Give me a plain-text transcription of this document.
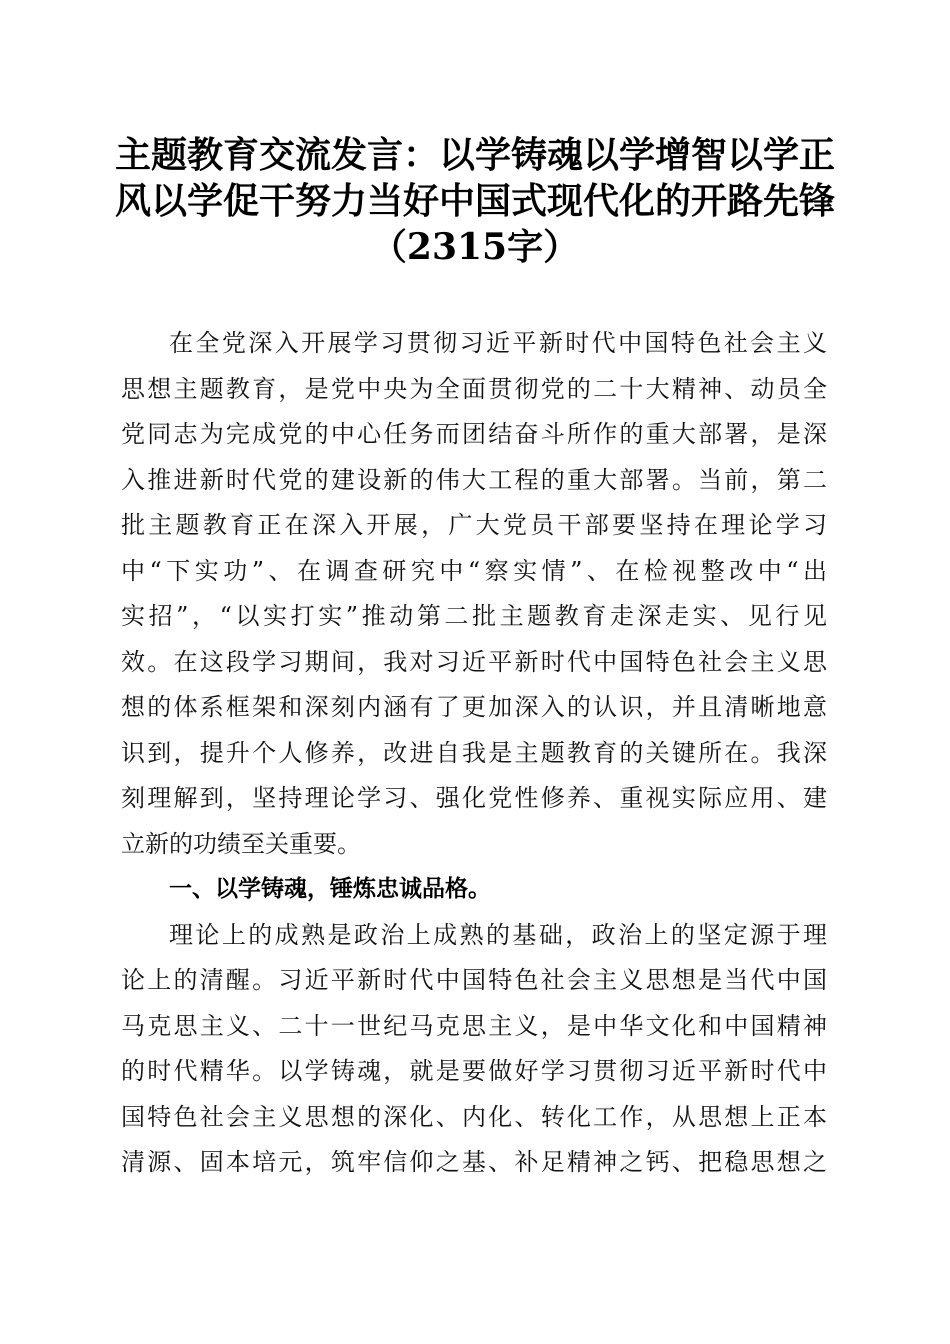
主题教育交流发言：以学铸魂以学增智以学正
风以学促干努力当好中国式现代化的开路先锋
（2315字）
在全党深入开展学习贯彻习近平新时代中国特色社会主义
思想主题教育，是党中央为全面贯彻党的二十大精神、动员全
党同志为完成党的中心任务而团结奋斗所作的重大部署，是深
入推进新时代党的建设新的伟大工程的重大部署。当前，第二
批主题教育正在深入开展，广大党员干部要坚持在理论学习
中“下实功”、在调查研究中“察实情”、在检视整改中“出
实招”，“以实打实”推动第二批主题教育走深走实、见行见
效。在这段学习期间，我对习近平新时代中国特色社会主义思
想的体系框架和深刻内涵有了更加深入的认识，并且清晰地意
识到，提升个人修养，改进自我是主题教育的关键所在。我深
刻理解到，坚持理论学习、强化党性修养、重视实际应用、建
立新的功绩至关重要。
一、以学铸魂，锤炼忠诚品格。
理论上的成熟是政治上成熟的基础，政治上的坚定源于理
论上的清醒。习近平新时代中国特色社会主义思想是当代中国
马克思主义、二十一世纪马克思主义，是中华文化和中国精神
的时代精华。以学铸魂，就是要做好学习贯彻习近平新时代中
国特色社会主义思想的深化、内化、转化工作，从思想上正本
清源、固本培元，筑牢信仰之基、补足精神之钙、把稳思想之
